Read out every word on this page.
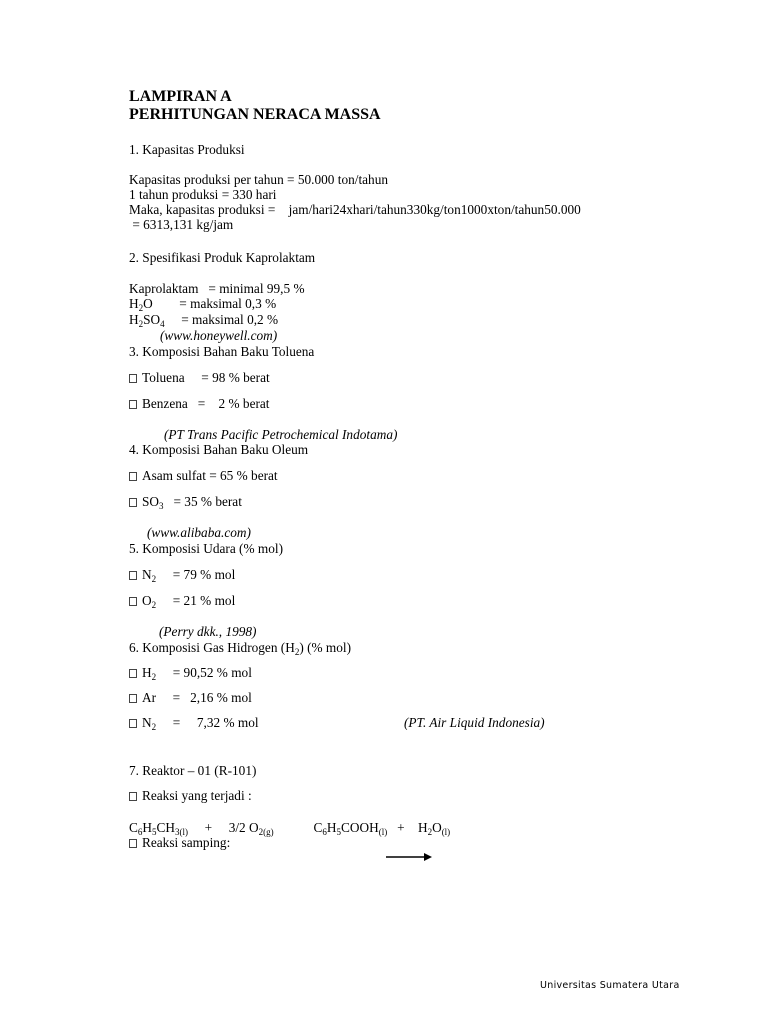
LAMPIRAN A
PERHITUNGAN NERACA MASSA
1. Kapasitas Produksi
Kapasitas produksi per tahun = 50.000 ton/tahun
1 tahun produksi = 330 hari
Maka, kapasitas produksi =    jam/hari24xhari/tahun330kg/ton1000xton/tahun50.000
= 6313,131 kg/jam
2. Spesifikasi Produk Kaprolaktam
Kaprolaktam   = minimal 99,5 %
$H_2O$        = maksimal 0,3 %
$H_2SO_4$     = maksimal 0,2 %
(www.honeywell.com)
3. Komposisi Bahan Baku Toluena
Toluena     = 98 % berat
Benzena   =    2 % berat
(PT Trans Pacific Petrochemical Indotama)
4. Komposisi Bahan Baku Oleum
Asam sulfat = 65 % berat
$SO_3 = 35$ % berat
(www.alibaba.com)
5. Komposisi Udara (% mol)
$N_2$     = 79 % mol
$O_2$     = 21 % mol
(Perry dkk., 1998)
6. Komposisi Gas Hidrogen $(H_2)$ (% mol)
$H_2$     = 90,52 % mol
Ar     =   2,16 % mol
$N_2$     =     7,32 % mol	(PT. Air Liquid Indonesia)
7. Reaktor – 01 (R-101)
Reaksi yang terjadi :
$C_6H_5CH_{3(l)}$     +     3/2 $O_{2(g)}$            $C_6H_5COOH_{(l)}$   +    $H_2O_{(l)}$
Reaksi samping:
Universitas Sumatera Utara
